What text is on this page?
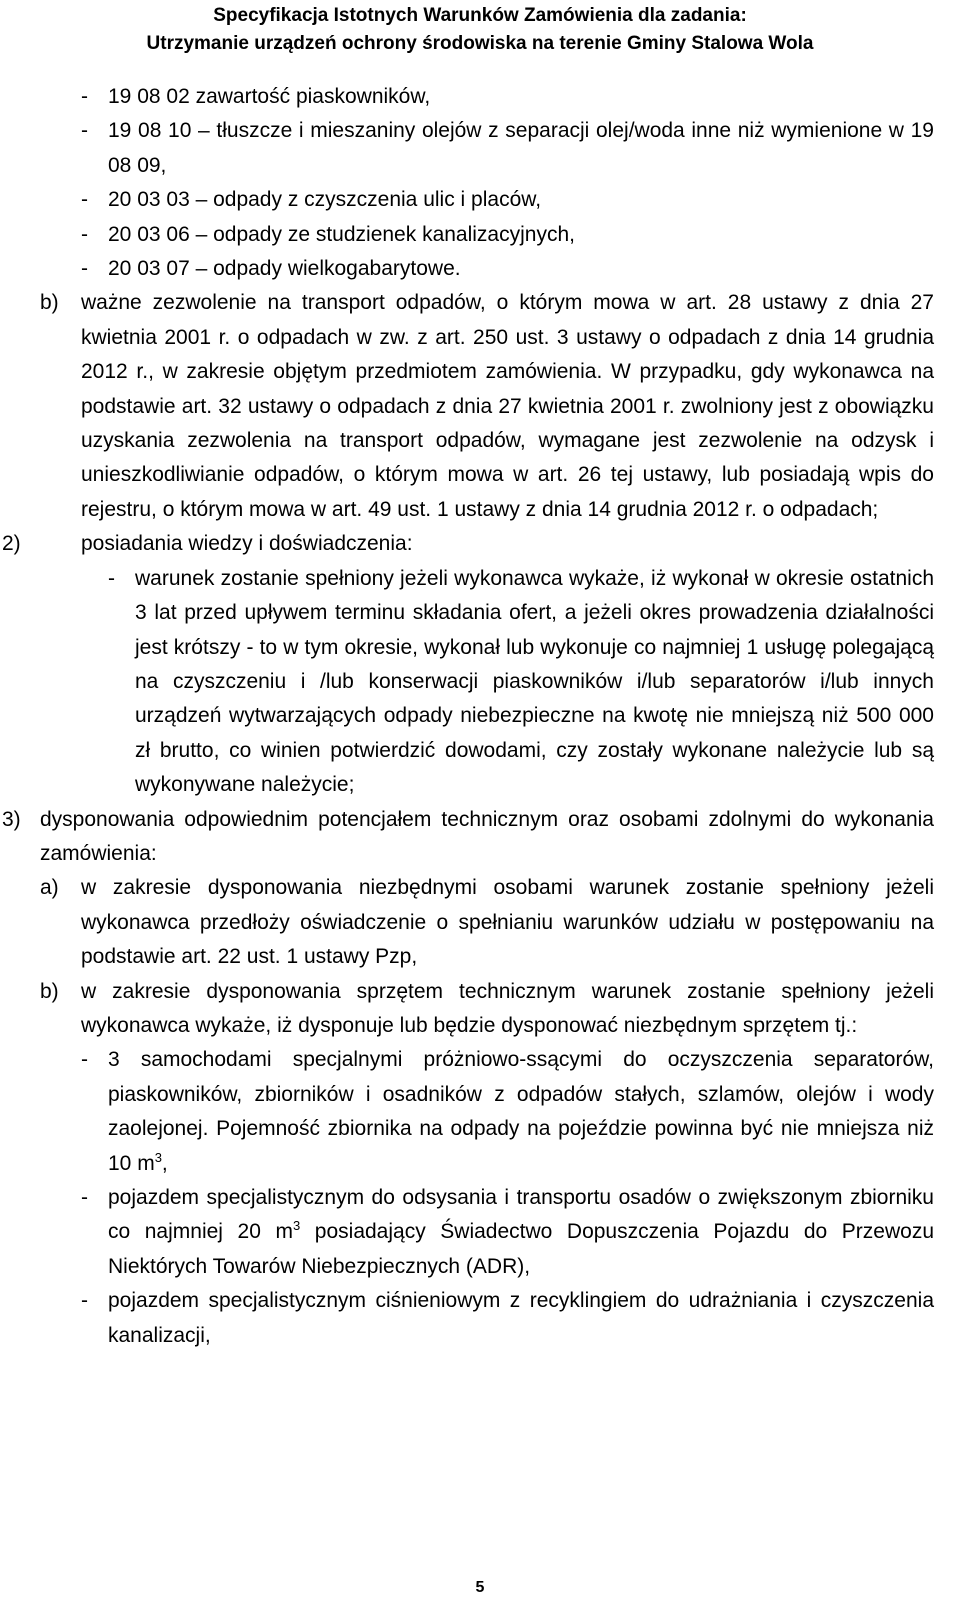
Specyfikacja Istotnych Warunków Zamówienia dla zadania:
Utrzymanie urządzeń ochrony środowiska na terenie Gminy Stalowa Wola
- 19 08 02 zawartość piaskowników,
- 19 08 10 – tłuszcze i mieszaniny olejów z separacji olej/woda inne niż wymienione w 19 08 09,
- 20 03 03 – odpady z czyszczenia ulic i placów,
- 20 03 06 – odpady ze studzienek kanalizacyjnych,
- 20 03 07 – odpady wielkogabarytowe.
b) ważne zezwolenie na transport odpadów, o którym mowa w art. 28 ustawy z dnia 27 kwietnia 2001 r. o odpadach w zw. z art. 250 ust. 3 ustawy o odpadach z dnia 14 grudnia 2012 r., w zakresie objętym przedmiotem zamówienia. W przypadku, gdy wykonawca na podstawie art. 32 ustawy o odpadach z dnia 27 kwietnia 2001 r. zwolniony jest z obowiązku uzyskania zezwolenia na transport odpadów, wymagane jest zezwolenie na odzysk i unieszkodliwianie odpadów, o którym mowa w art. 26 tej ustawy, lub posiadają wpis do rejestru, o którym mowa w art. 49 ust. 1 ustawy z dnia 14 grudnia 2012 r. o odpadach;
2)	posiadania wiedzy i doświadczenia:
- warunek zostanie spełniony jeżeli wykonawca wykaże, iż wykonał w okresie ostatnich 3 lat przed upływem terminu składania ofert, a jeżeli okres prowadzenia działalności jest krótszy - to w tym okresie, wykonał lub wykonuje co najmniej 1 usługę polegającą na czyszczeniu i /lub konserwacji piaskowników i/lub separatorów i/lub innych urządzeń wytwarzających odpady niebezpieczne na kwotę nie mniejszą niż 500 000 zł brutto, co winien potwierdzić dowodami, czy zostały wykonane należycie lub są wykonywane należycie;
3) dysponowania odpowiednim potencjałem technicznym oraz osobami zdolnymi do wykonania zamówienia:
a) w zakresie dysponowania niezbędnymi osobami warunek zostanie spełniony jeżeli wykonawca przedłoży oświadczenie o spełnianiu warunków udziału w postępowaniu na podstawie art. 22 ust. 1 ustawy Pzp,
b) w zakresie dysponowania sprzętem technicznym warunek zostanie spełniony jeżeli wykonawca wykaże, iż dysponuje lub będzie dysponować niezbędnym sprzętem tj.:
- 3 samochodami specjalnymi próżniowo-ssącymi do oczyszczenia separatorów, piaskowników, zbiorników i osadników z odpadów stałych, szlamów, olejów i wody zaolejonej. Pojemność zbiornika na odpady na pojeździe powinna być nie mniejsza niż 10 $m^3$,
- pojazdem specjalistycznym do odsysania i transportu osadów o zwiększonym zbiorniku co najmniej 20 $m^3$ posiadający Świadectwo Dopuszczenia Pojazdu do Przewozu Niektórych Towarów Niebezpiecznych (ADR),
- pojazdem specjalistycznym ciśnieniowym z recyklingiem do udrażniania i czyszczenia kanalizacji,
5
